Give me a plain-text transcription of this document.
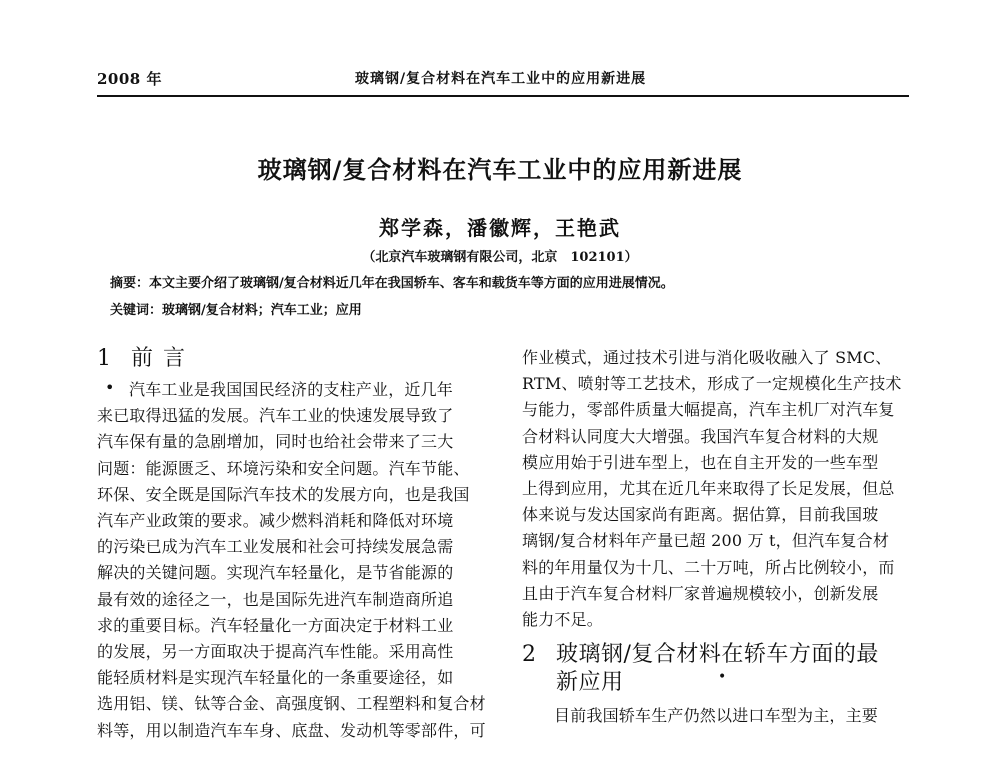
2008 年	玻璃钢/复合材料在汽车工业中的应用新进展
玻璃钢/复合材料在汽车工业中的应用新进展
郑学森，潘徽辉，王艳武
（北京汽车玻璃钢有限公司，北京　102101）
摘要：本文主要介绍了玻璃钢/复合材料近几年在我国轿车、客车和载货车等方面的应用进展情况。
关键词：玻璃钢/复合材料；汽车工业；应用
1 前言
• 汽车工业是我国国民经济的支柱产业，近几年
来已取得迅猛的发展。汽车工业的快速发展导致了
汽车保有量的急剧增加，同时也给社会带来了三大
问题：能源匮乏、环境污染和安全问题。汽车节能、
环保、安全既是国际汽车技术的发展方向，也是我国
汽车产业政策的要求。减少燃料消耗和降低对环境
的污染已成为汽车工业发展和社会可持续发展急需
解决的关键问题。实现汽车轻量化，是节省能源的
最有效的途径之一，也是国际先进汽车制造商所追
求的重要目标。汽车轻量化一方面决定于材料工业
的发展，另一方面取决于提高汽车性能。采用高性
能轻质材料是实现汽车轻量化的一条重要途径，如
选用铝、镁、钛等合金、高强度钢、工程塑料和复合材
料等，用以制造汽车车身、底盘、发动机等零部件，可
作业模式，通过技术引进与消化吸收融入了 SMC、
RTM、喷射等工艺技术，形成了一定规模化生产技术
与能力，零部件质量大幅提高，汽车主机厂对汽车复
合材料认同度大大增强。我国汽车复合材料的大规
模应用始于引进车型上，也在自主开发的一些车型
上得到应用，尤其在近几年来取得了长足发展，但总
体来说与发达国家尚有距离。据估算，目前我国玻
璃钢/复合材料年产量已超 200 万 t，但汽车复合材
料的年用量仅为十几、二十万吨，所占比例较小，而
且由于汽车复合材料厂家普遍规模较小，创新发展
能力不足。
2 玻璃钢/复合材料在轿车方面的最
新应用	•
目前我国轿车生产仍然以进口车型为主，主要
